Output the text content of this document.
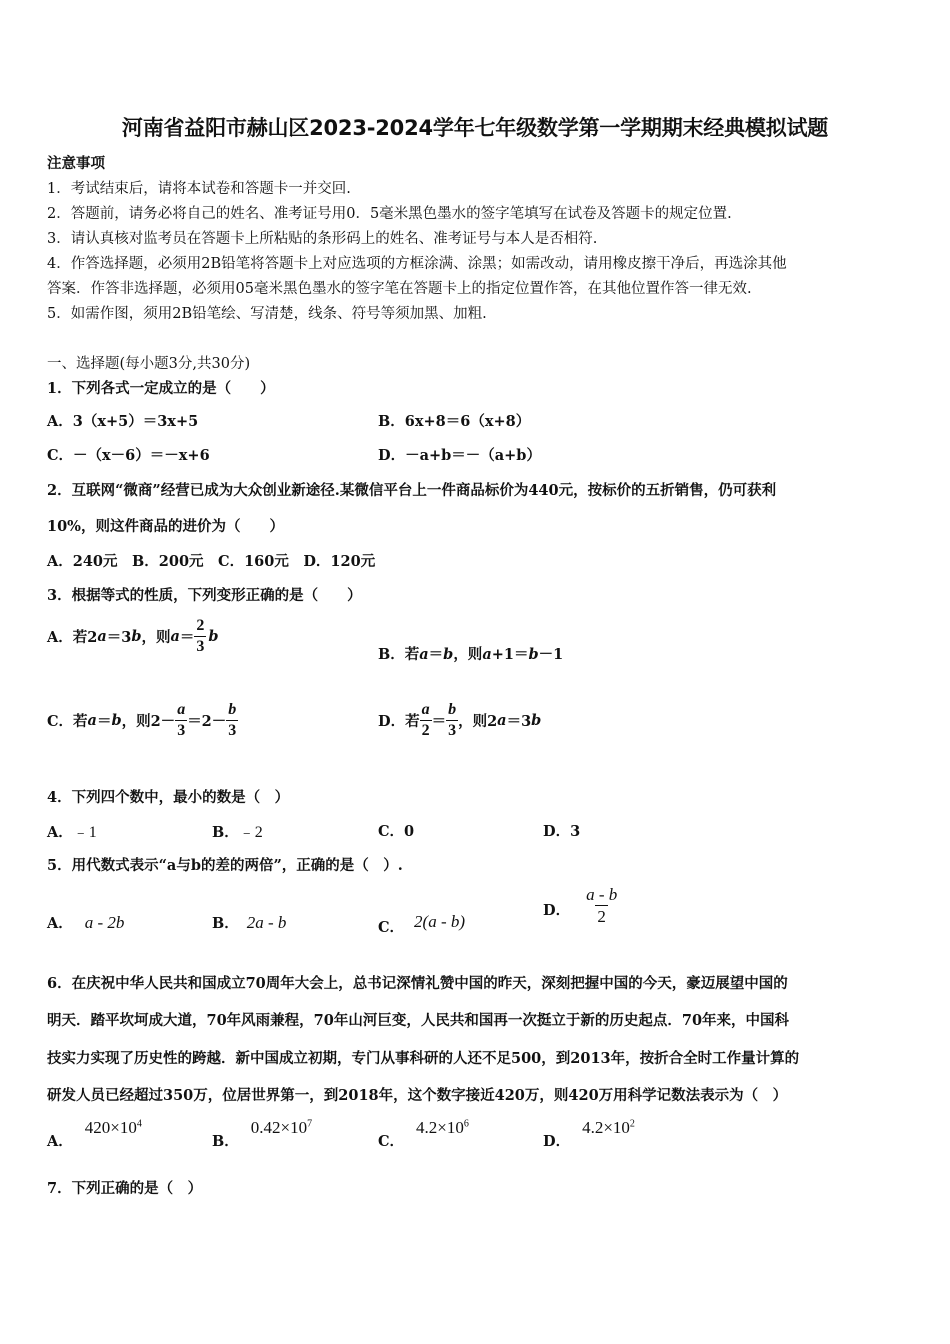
河南省益阳市赫山区2023-2024学年七年级数学第一学期期末经典模拟试题
注意事项
1．考试结束后，请将本试卷和答题卡一并交回.
2．答题前，请务必将自己的姓名、准考证号用0．5毫米黑色墨水的签字笔填写在试卷及答题卡的规定位置.
3．请认真核对监考员在答题卡上所粘贴的条形码上的姓名、准考证号与本人是否相符.
4．作答选择题，必须用2B铅笔将答题卡上对应选项的方框涂满、涂黑；如需改动，请用橡皮擦干净后，再选涂其他
答案．作答非选择题，必须用05毫米黑色墨水的签字笔在答题卡上的指定位置作答，在其他位置作答一律无效.
5．如需作图，须用2B铅笔绘、写清楚，线条、符号等须加黑、加粗.
一、选择题(每小题3分,共30分)
1．下列各式一定成立的是（　　）
A．3（x+5）＝3x+5	B．6x+8＝6（x+8）
C．－（x－6）＝－x+6	D．－a+b＝－（a+b）
2．互联网“微商”经营已成为大众创业新途径.某微信平台上一件商品标价为440元，按标价的五折销售，仍可获利
10%，则这件商品的进价为（　　）
A．240元　B．200元　C．160元　D．120元
3．根据等式的性质，下列变形正确的是（　　）
A．若2 a ＝3 b ，则 $a = \frac{2}{3}$ b
B．若a＝b，则a+1＝b－1
C．若 a ＝ b ，则$2- \frac{a}{3} =2- \frac{b}{3}$	D．若 $\frac{a}{2} = \frac{b}{3}$ ，则2 a ＝3 b
4．下列四个数中，最小的数是（　）
A．﹣1	B．﹣2	C．0	D．3
5．用代数式表示“a与b的差的两倍”，正确的是（　）.
A． a - 2b	B． 2a - b	C． 2(a - b)
D． $\frac{a - b}{2}$
6．在庆祝中华人民共和国成立70周年大会上，总书记深情礼赞中国的昨天，深刻把握中国的今天，豪迈展望中国的
明天．踏平坎坷成大道，70年风雨兼程，70年山河巨变，人民共和国再一次挺立于新的历史起点．70年来，中国科
技实力实现了历史性的跨越．新中国成立初期，专门从事科研的人还不足500，到2013年，按折合全时工作量计算的
研发人员已经超过350万，位居世界第一，到2018年，这个数字接近420万，则420万用科学记数法表示为（　）
A．
$420\times 10^4$
B．
$0.42\times 10^7$
C．
$4.2\times 10^6$
D．
$4.2\times 10^2$
7．下列正确的是（　）
